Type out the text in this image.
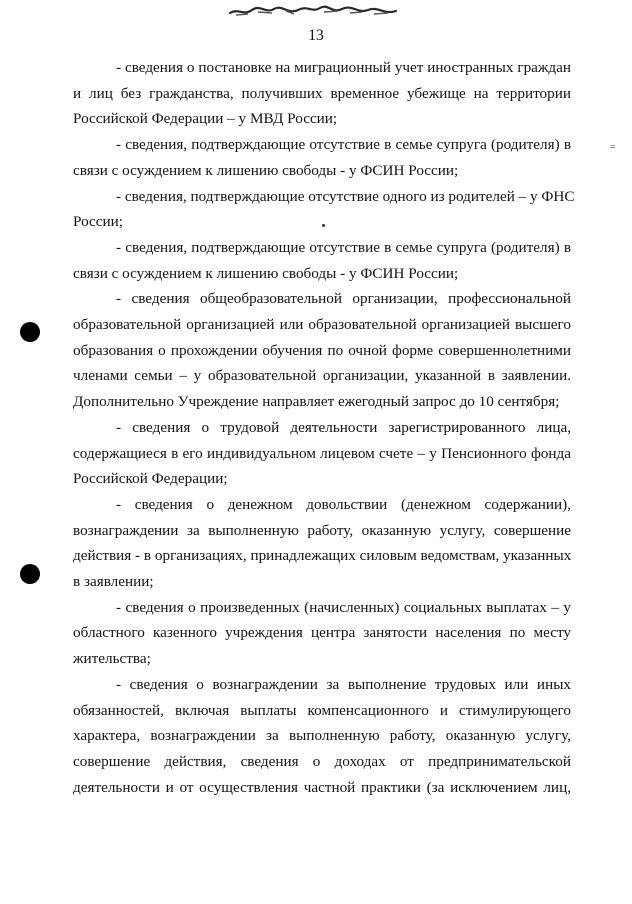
13
=
- сведения о постановке на миграционный учет иностранных граждан
и лиц без гражданства, получивших временное убежище на территории
Российской Федерации – у МВД России;
- сведения, подтверждающие отсутствие в семье супруга (родителя) в
связи с осуждением к лишению свободы - у ФСИН России;
- сведения, подтверждающие отсутствие одного из родителей – у ФНС
России;
- сведения, подтверждающие отсутствие в семье супруга (родителя) в
связи с осуждением к лишению свободы - у ФСИН России;
- сведения общеобразовательной организации, профессиональной
образовательной организацией или образовательной организацией высшего
образования о прохождении обучения по очной форме совершеннолетними
членами семьи – у образовательной организации, указанной в заявлении.
Дополнительно Учреждение направляет ежегодный запрос до 10 сентября;
- сведения о трудовой деятельности зарегистрированного лица,
содержащиеся в его индивидуальном лицевом счете – у Пенсионного фонда
Российской Федерации;
- сведения о денежном довольствии (денежном содержании),
вознаграждении за выполненную работу, оказанную услугу, совершение
действия - в организациях, принадлежащих силовым ведомствам, указанных
в заявлении;
- сведения о произведенных (начисленных) социальных выплатах – у
областного казенного учреждения центра занятости населения по месту
жительства;
- сведения о вознаграждении за выполнение трудовых или иных
обязанностей, включая выплаты компенсационного и стимулирующего
характера, вознаграждении за выполненную работу, оказанную услугу,
совершение действия, сведения о доходах от предпринимательской
деятельности и от осуществления частной практики (за исключением лиц,
